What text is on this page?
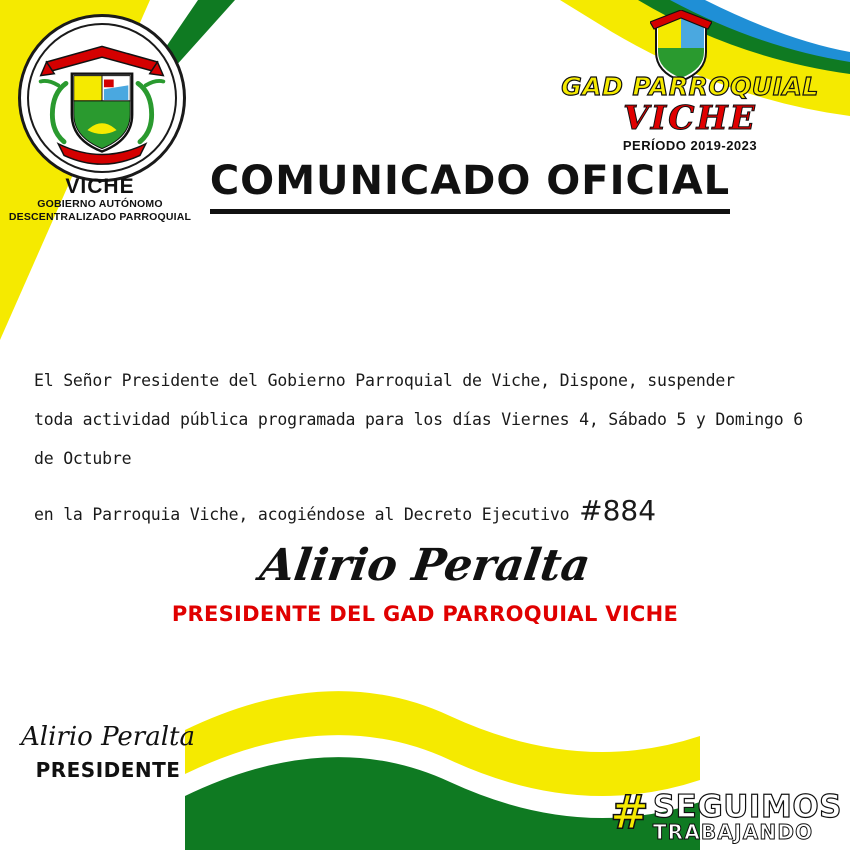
VICHE
GOBIERNO AUTÓNOMO
DESCENTRALIZADO PARROQUIAL
GAD PARROQUIAL
VICHE
PERÍODO 2019-2023
COMUNICADO OFICIAL
El Señor Presidente del Gobierno Parroquial de Viche, Dispone, suspender
toda actividad pública programada para los días Viernes 4, Sábado 5 y Domingo 6 de Octubre
en la Parroquia Viche, acogiéndose al Decreto Ejecutivo #884
Alirio Peralta
PRESIDENTE DEL GAD PARROQUIAL VICHE
Alirio Peralta
PRESIDENTE
# SEGUIMOS
TRABAJANDO
